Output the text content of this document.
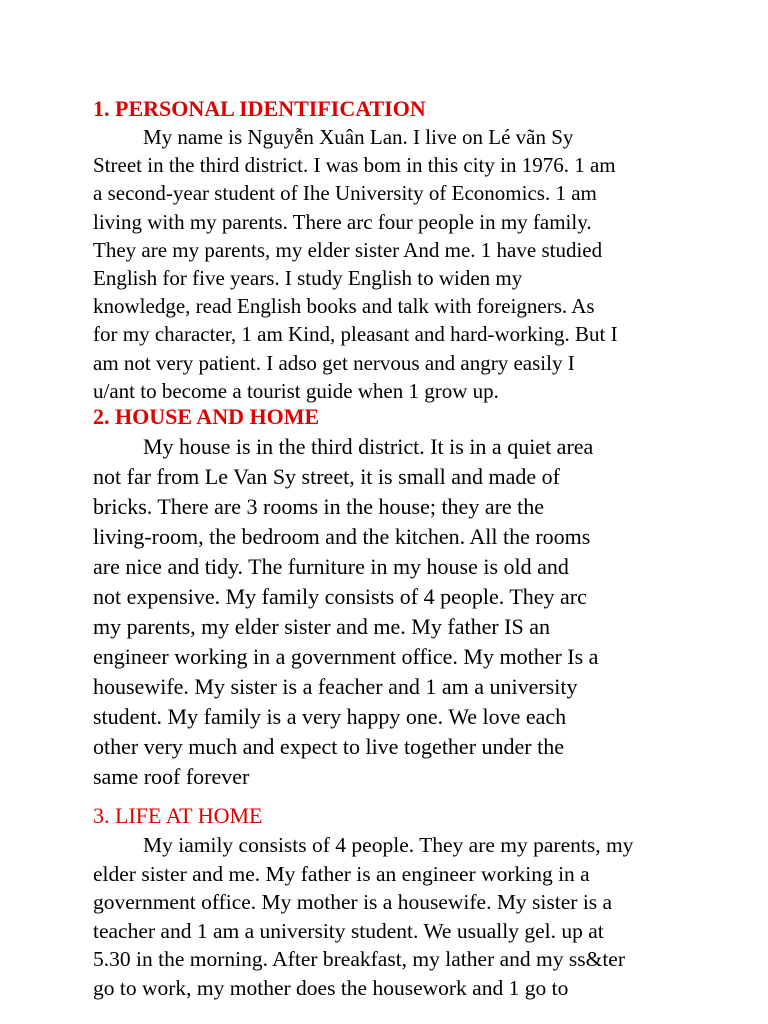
1. PERSONAL IDENTIFICATION
My name is Nguyễn Xuân Lan. I live on Lé vãn Sy
Street in the third district. I was bom in this city in 1976. 1 am
a second-year student of Ihe University of Economics. 1 am
living with my parents. There arc four people in my family.
They are my parents, my elder sister And me. 1 have studied
English for five years. I study English to widen my
knowledge, read English books and talk with foreigners. As
for my character, 1 am Kind, pleasant and hard-working. But I
am not very patient. I adso get nervous and angry easily I
u/ant to become a tourist guide when 1 grow up.
2. HOUSE AND HOME
My house is in the third district. It is in a quiet area
not far from Le Van Sy street, it is small and made of
bricks. There are 3 rooms in the house; they are the
living-room, the bedroom and the kitchen. All the rooms
are nice and tidy. The furniture in my house is old and
not expensive. My family consists of 4 people. They arc
my parents, my elder sister and me. My father IS an
engineer working in a government office. My mother Is a
housewife. My sister is a feacher and 1 am a university
student. My family is a very happy one. We love each
other very much and expect to live together under the
same roof forever
3. LIFE AT HOME
My iamily consists of 4 people. They are my parents, my
elder sister and me. My father is an engineer working in a
government office. My mother is a housewife. My sister is a
teacher and 1 am a university student. We usually gel. up at
5.30 in the morning. After breakfast, my lather and my ss&ter
go to work, my mother does the housework and 1 go to
